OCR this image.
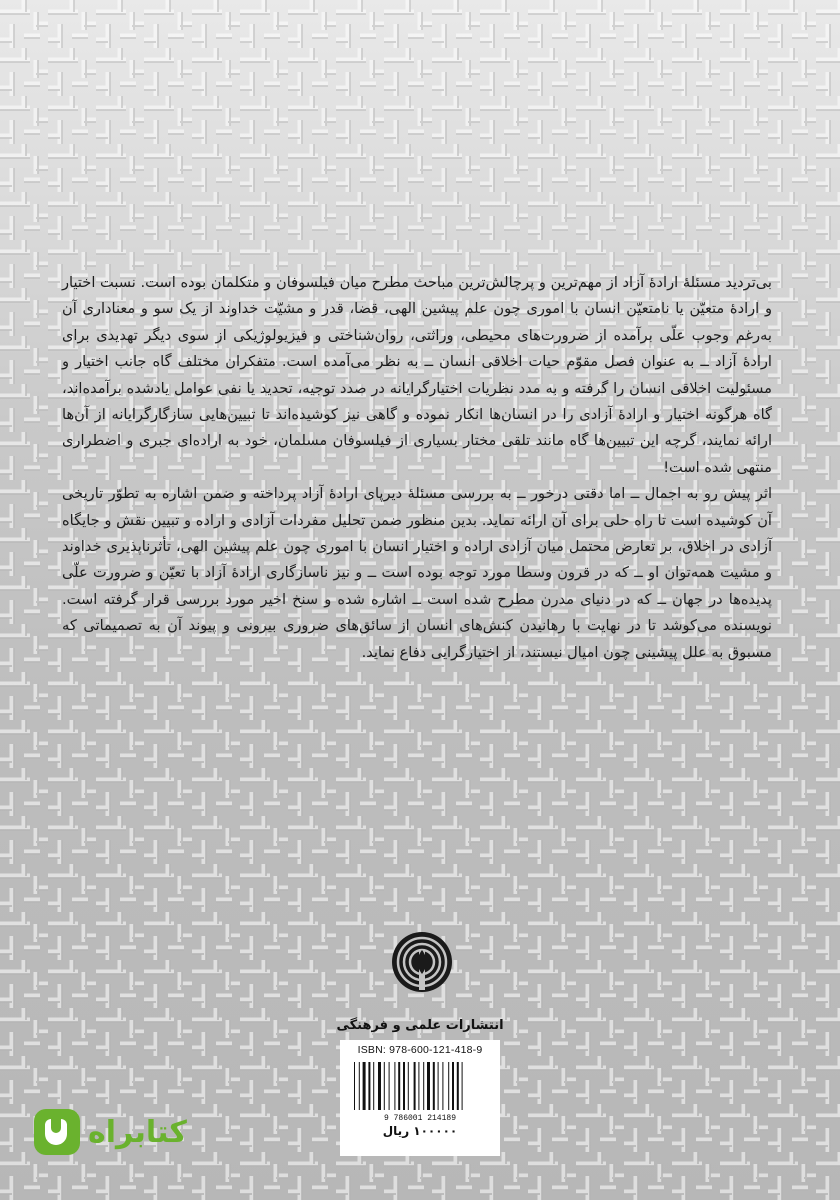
بی‌تردید مسئلۀ ارادۀ آزاد از مهم‌ترین و پرچالش‌ترین مباحث مطرح میان فیلسوفان و متکلمان بوده است. نسبت اختیار و ارادۀ متعیّن یا نامتعیّن انسان با اموری چون علم پیشین الهی، قضا، قدر و مشیّت خداوند از یک سو و معناداری آن به‌رغم وجوب علّی برآمده از ضرورت‌های محیطی، وراثتی، روان‌شناختی و فیزیولوژیکی از سوی دیگر تهدیدی برای ارادۀ آزاد ــ به عنوان فصل مقوّم حیات اخلاقی انسان ــ به نظر می‌آمده است. متفکران مختلف گاه جانب اختیار و مسئولیت اخلاقی انسان را گرفته و به مدد نظریات اختیارگرایانه در صدد توجیه، تحدید یا نفی عوامل یادشده برآمده‌اند، گاه هرگونه اختیار و ارادۀ آزادی را در انسان‌ها انکار نموده و گاهی نیز کوشیده‌اند تا تبیین‌هایی سازگارگرایانه از آن‌ها ارائه نمایند، گرچه این تبیین‌ها گاه مانند تلقی مختار بسیاری از فیلسوفان مسلمان، خود به اراده‌ای جبری و اضطراری منتهی شده است!

اثر پیش رو به اجمال ــ اما دقتی درخور ــ به بررسی مسئلۀ دیرپای ارادۀ آزاد پرداخته و ضمن اشاره به تطوّر تاریخی آن کوشیده است تا راه حلی برای آن ارائه نماید. بدین منظور ضمن تحلیل مفردات آزادی و اراده و تبیین نقش و جایگاه آزادی در اخلاق، بر تعارض محتمل میان آزادی اراده و اختیار انسان با اموری چون علم پیشین الهی، تأثرناپذیری خداوند و مشیت همه‌توان او ــ که در قرون وسطا مورد توجه بوده است ــ و نیز ناسازگاری ارادۀ آزاد با تعیّن و ضرورت علّی پدیده‌ها در جهان ــ که در دنیای مدرن مطرح شده است ــ اشاره شده و سنخ اخیر مورد بررسی قرار گرفته است. نویسنده می‌کوشد تا در نهایت با رهانیدن کنش‌های انسان از سائق‌های ضروری بیرونی و پیوند آن به تصمیماتی که مسبوق به علل پیشینی چون امیال نیستند، از اختیارگرایی دفاع نماید.

انتشارات علمی و فرهنگی
ISBN: 978-600-121-418-9
9 786001 214189
۱۰۰۰۰۰ ریال
کتابراه
